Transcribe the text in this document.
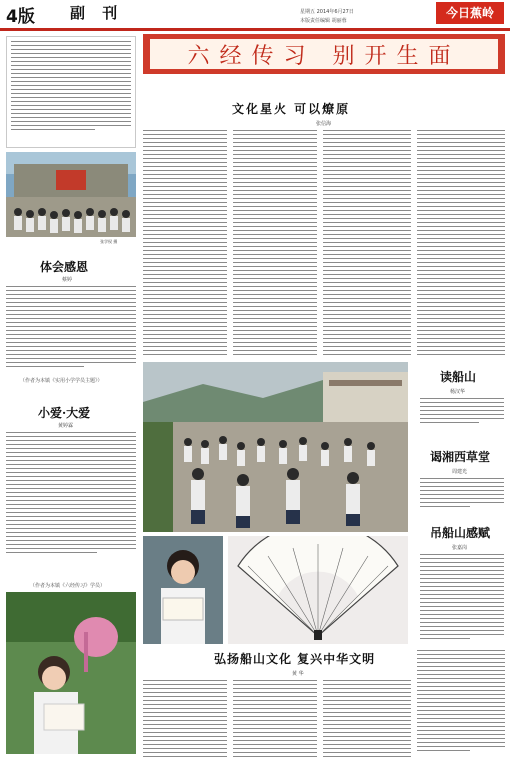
4版 副 刊	星期五 2014年6月27日
本版责任编辑 胡丽蓉
今日蕉岭
六经传习 别开生面
张学权 摄
体会感恩
蔡婷
（作者为本镇《实用小学学员主题》）
小爱·大爱
黄婷霖
（作者为本镇《六经传习》学员）
文化星火 可以燎原
张信海
读船山
杨汉华
谒湘西草堂
周建光
吊船山感赋
张嘉岗
弘扬船山文化 复兴中华文明
黄 华
